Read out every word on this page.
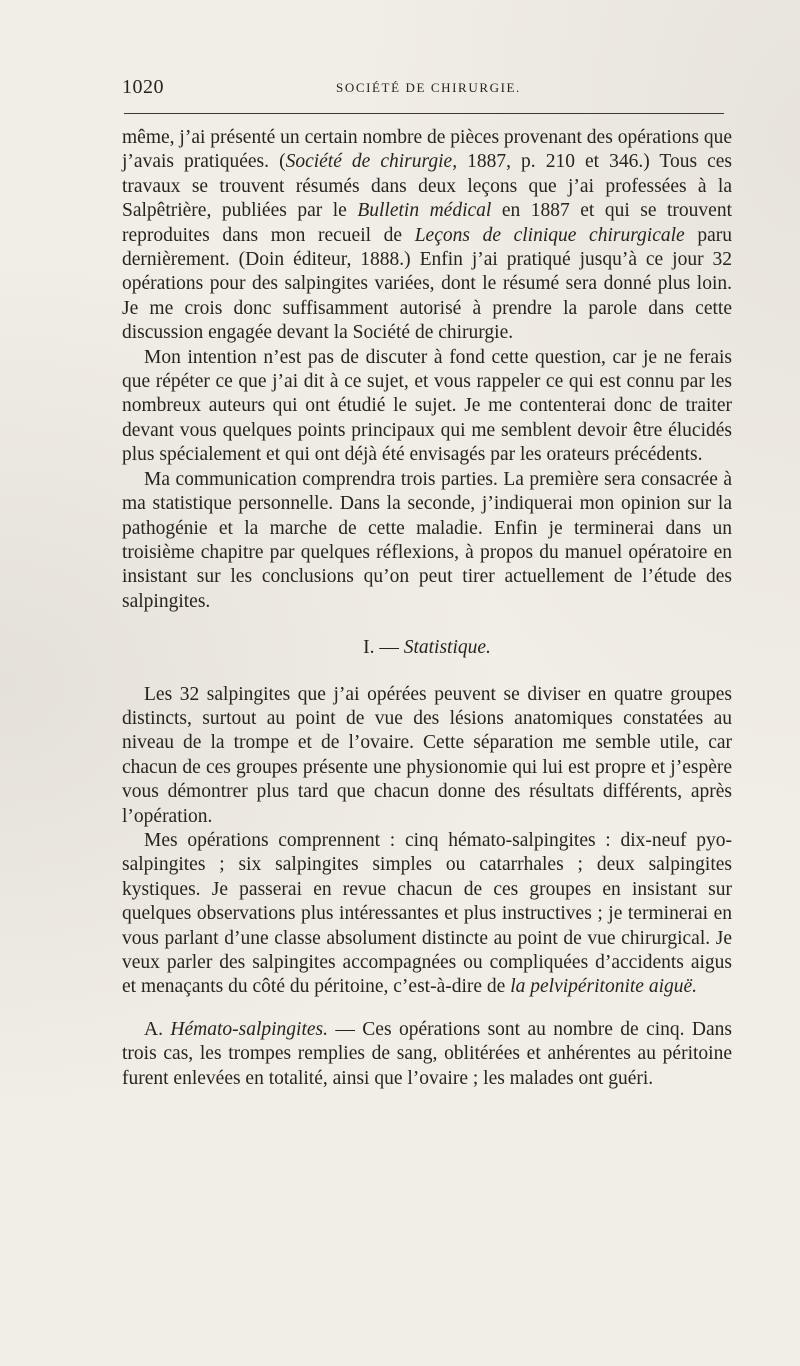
1020	SOCIÉTÉ DE CHIRURGIE.

même, j’ai présenté un certain nombre de pièces provenant des opérations que j’avais pratiquées. (Société de chirurgie, 1887, p. 210 et 346.) Tous ces travaux se trouvent résumés dans deux leçons que j’ai professées à la Salpêtrière, publiées par le Bulletin médical en 1887 et qui se trouvent reproduites dans mon recueil de Leçons de clinique chirurgicale paru dernièrement. (Doin éditeur, 1888.) Enfin j’ai pratiqué jusqu’à ce jour 32 opérations pour des salpingites variées, dont le résumé sera donné plus loin. Je me crois donc suffisamment autorisé à prendre la parole dans cette discussion engagée devant la Société de chirurgie.

Mon intention n’est pas de discuter à fond cette question, car je ne ferais que répéter ce que j’ai dit à ce sujet, et vous rappeler ce qui est connu par les nombreux auteurs qui ont étudié le sujet. Je me contenterai donc de traiter devant vous quelques points principaux qui me semblent devoir être élucidés plus spécialement et qui ont déjà été envisagés par les orateurs précédents.

Ma communication comprendra trois parties. La première sera consacrée à ma statistique personnelle. Dans la seconde, j’indiquerai mon opinion sur la pathogénie et la marche de cette maladie. Enfin je terminerai dans un troisième chapitre par quelques réflexions, à propos du manuel opératoire en insistant sur les conclusions qu’on peut tirer actuellement de l’étude des salpingites.

I. — Statistique.

Les 32 salpingites que j’ai opérées peuvent se diviser en quatre groupes distincts, surtout au point de vue des lésions anatomiques constatées au niveau de la trompe et de l’ovaire. Cette séparation me semble utile, car chacun de ces groupes présente une physionomie qui lui est propre et j’espère vous démontrer plus tard que chacun donne des résultats différents, après l’opération.

Mes opérations comprennent : cinq hémato-salpingites : dix-neuf pyo-salpingites ; six salpingites simples ou catarrhales ; deux salpingites kystiques. Je passerai en revue chacun de ces groupes en insistant sur quelques observations plus intéressantes et plus instructives ; je terminerai en vous parlant d’une classe absolument distincte au point de vue chirurgical. Je veux parler des salpingites accompagnées ou compliquées d’accidents aigus et menaçants du côté du péritoine, c’est-à-dire de la pelvipéritonite aiguë.

A. Hémato-salpingites. — Ces opérations sont au nombre de cinq. Dans trois cas, les trompes remplies de sang, oblitérées et anhérentes au péritoine furent enlevées en totalité, ainsi que l’ovaire ; les malades ont guéri.
